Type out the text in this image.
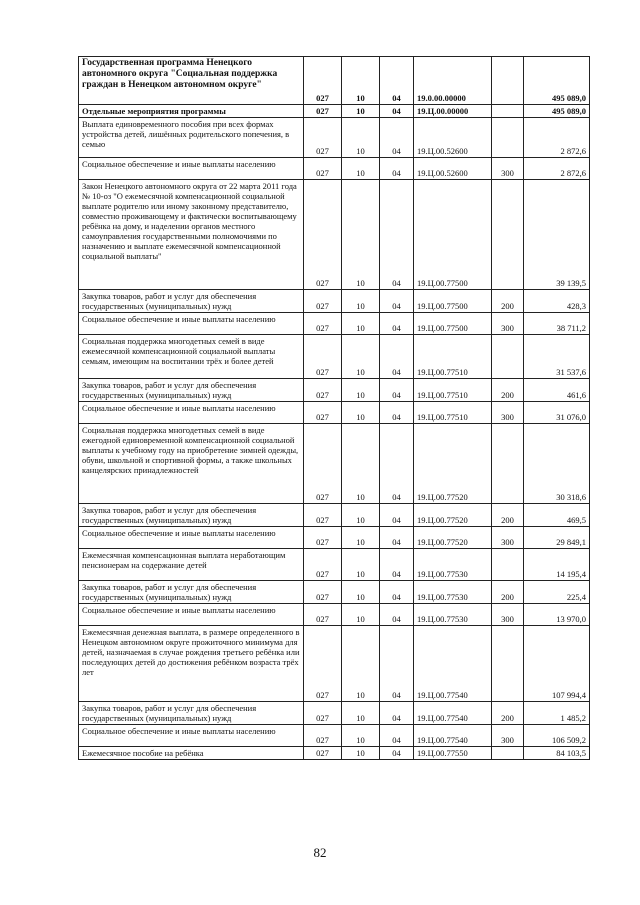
Государственная программа Ненецкого автономного округа "Социальная поддержка граждан в Ненецком автономном округе"	027	10	04	19.0.00.00000		495 089,0
Отдельные мероприятия программы	027	10	04	19.Ц.00.00000		495 089,0
Выплата единовременного пособия при всех формах устройства детей, лишённых родительского попечения, в семью	027	10	04	19.Ц.00.52600		2 872,6
Социальное обеспечение и иные выплаты населению	027	10	04	19.Ц.00.52600	300	2 872,6
Закон Ненецкого автономного округа от 22 марта 2011 года № 10-оз "О ежемесячной компенсационной социальной выплате родителю или иному законному представителю, совместно проживающему и фактически воспитывающему ребёнка на дому, и наделении органов местного самоуправления государственными полномочиями по назначению и выплате ежемесячной компенсационной социальной выплаты"	027	10	04	19.Ц.00.77500		39 139,5
Закупка товаров, работ и услуг для обеспечения государственных (муниципальных) нужд	027	10	04	19.Ц.00.77500	200	428,3
Социальное обеспечение и иные выплаты населению	027	10	04	19.Ц.00.77500	300	38 711,2
Социальная поддержка многодетных семей в виде ежемесячной компенсационной социальной выплаты семьям, имеющим на воспитании трёх и более детей	027	10	04	19.Ц.00.77510		31 537,6
Закупка товаров, работ и услуг для обеспечения государственных (муниципальных) нужд	027	10	04	19.Ц.00.77510	200	461,6
Социальное обеспечение и иные выплаты населению	027	10	04	19.Ц.00.77510	300	31 076,0
Социальная поддержка многодетных семей в виде ежегодной единовременной компенсационной социальной выплаты к учебному году на приобретение зимней одежды, обуви, школьной и спортивной формы, а также школьных канцелярских принадлежностей	027	10	04	19.Ц.00.77520		30 318,6
Закупка товаров, работ и услуг для обеспечения государственных (муниципальных) нужд	027	10	04	19.Ц.00.77520	200	469,5
Социальное обеспечение и иные выплаты населению	027	10	04	19.Ц.00.77520	300	29 849,1
Ежемесячная компенсационная выплата неработающим пенсионерам на содержание детей	027	10	04	19.Ц.00.77530		14 195,4
Закупка товаров, работ и услуг для обеспечения государственных (муниципальных) нужд	027	10	04	19.Ц.00.77530	200	225,4
Социальное обеспечение и иные выплаты населению	027	10	04	19.Ц.00.77530	300	13 970,0
Ежемесячная денежная выплата, в размере определенного в Ненецком автономном округе прожиточного минимума для детей, назначаемая в случае рождения третьего ребёнка или последующих детей до достижения ребёнком возраста трёх лет	027	10	04	19.Ц.00.77540		107 994,4
Закупка товаров, работ и услуг для обеспечения государственных (муниципальных) нужд	027	10	04	19.Ц.00.77540	200	1 485,2
Социальное обеспечение и иные выплаты населению	027	10	04	19.Ц.00.77540	300	106 509,2
Ежемесячное пособие на ребёнка	027	10	04	19.Ц.00.77550		84 103,5
82
